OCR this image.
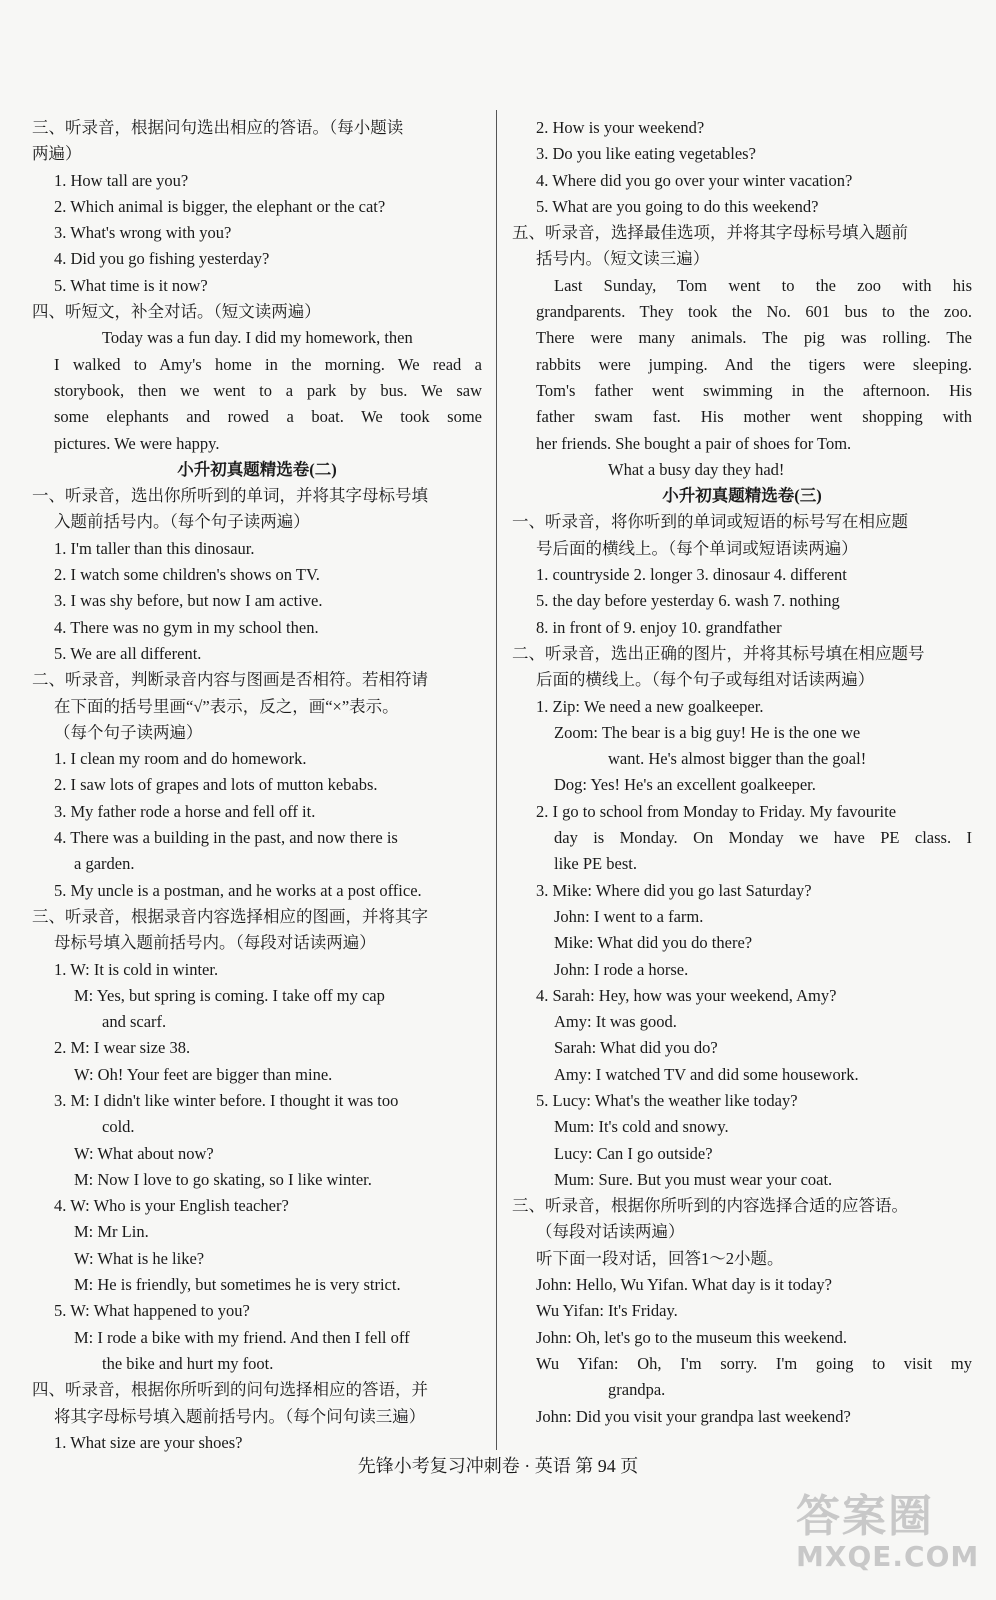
三、听录音，根据问句选出相应的答语。（每小题读
两遍）
1. How tall are you?
2. Which animal is bigger, the elephant or the cat?
3. What's wrong with you?
4. Did you go fishing yesterday?
5. What time is it now?
四、听短文，补全对话。（短文读两遍）
Today was a fun day. I did my homework, then
I walked to Amy's home in the morning. We read a
storybook, then we went to a park by bus. We saw
some elephants and rowed a boat. We took some
pictures. We were happy.
小升初真题精选卷(二)
一、听录音，选出你所听到的单词，并将其字母标号填
入题前括号内。（每个句子读两遍）
1. I'm taller than this dinosaur.
2. I watch some children's shows on TV.
3. I was shy before, but now I am active.
4. There was no gym in my school then.
5. We are all different.
二、听录音，判断录音内容与图画是否相符。若相符请
在下面的括号里画“√”表示，反之，画“×”表示。
（每个句子读两遍）
1. I clean my room and do homework.
2. I saw lots of grapes and lots of mutton kebabs.
3. My father rode a horse and fell off it.
4. There was a building in the past, and now there is
a garden.
5. My uncle is a postman, and he works at a post office.
三、听录音，根据录音内容选择相应的图画，并将其字
母标号填入题前括号内。（每段对话读两遍）
1. W: It is cold in winter.
M: Yes, but spring is coming. I take off my cap
and scarf.
2. M: I wear size 38.
W: Oh! Your feet are bigger than mine.
3. M: I didn't like winter before. I thought it was too
cold.
W: What about now?
M: Now I love to go skating, so I like winter.
4. W: Who is your English teacher?
M: Mr Lin.
W: What is he like?
M: He is friendly, but sometimes he is very strict.
5. W: What happened to you?
M: I rode a bike with my friend. And then I fell off
the bike and hurt my foot.
四、听录音，根据你所听到的问句选择相应的答语，并
将其字母标号填入题前括号内。（每个问句读三遍）
1. What size are your shoes?
2. How is your weekend?
3. Do you like eating vegetables?
4. Where did you go over your winter vacation?
5. What are you going to do this weekend?
五、听录音，选择最佳选项，并将其字母标号填入题前
括号内。（短文读三遍）
Last Sunday, Tom went to the zoo with his
grandparents. They took the No. 601 bus to the zoo.
There were many animals. The pig was rolling. The
rabbits were jumping. And the tigers were sleeping.
Tom's father went swimming in the afternoon. His
father swam fast. His mother went shopping with
her friends. She bought a pair of shoes for Tom.
What a busy day they had!
小升初真题精选卷(三)
一、听录音，将你听到的单词或短语的标号写在相应题
号后面的横线上。（每个单词或短语读两遍）
1. countryside 2. longer 3. dinosaur 4. different
5. the day before yesterday 6. wash 7. nothing
8. in front of 9. enjoy 10. grandfather
二、听录音，选出正确的图片，并将其标号填在相应题号
后面的横线上。（每个句子或每组对话读两遍）
1. Zip: We need a new goalkeeper.
Zoom: The bear is a big guy! He is the one we
want. He's almost bigger than the goal!
Dog: Yes! He's an excellent goalkeeper.
2. I go to school from Monday to Friday. My favourite
day is Monday. On Monday we have PE class. I
like PE best.
3. Mike: Where did you go last Saturday?
John: I went to a farm.
Mike: What did you do there?
John: I rode a horse.
4. Sarah: Hey, how was your weekend, Amy?
Amy: It was good.
Sarah: What did you do?
Amy: I watched TV and did some housework.
5. Lucy: What's the weather like today?
Mum: It's cold and snowy.
Lucy: Can I go outside?
Mum: Sure. But you must wear your coat.
三、听录音，根据你所听到的内容选择合适的应答语。
（每段对话读两遍）
听下面一段对话，回答1～2小题。
John: Hello, Wu Yifan. What day is it today?
Wu Yifan: It's Friday.
John: Oh, let's go to the museum this weekend.
Wu Yifan: Oh, I'm sorry. I'm going to visit my
grandpa.
John: Did you visit your grandpa last weekend?
先锋小考复习冲刺卷 · 英语 第 94 页
答案圈
MXQE.COM
